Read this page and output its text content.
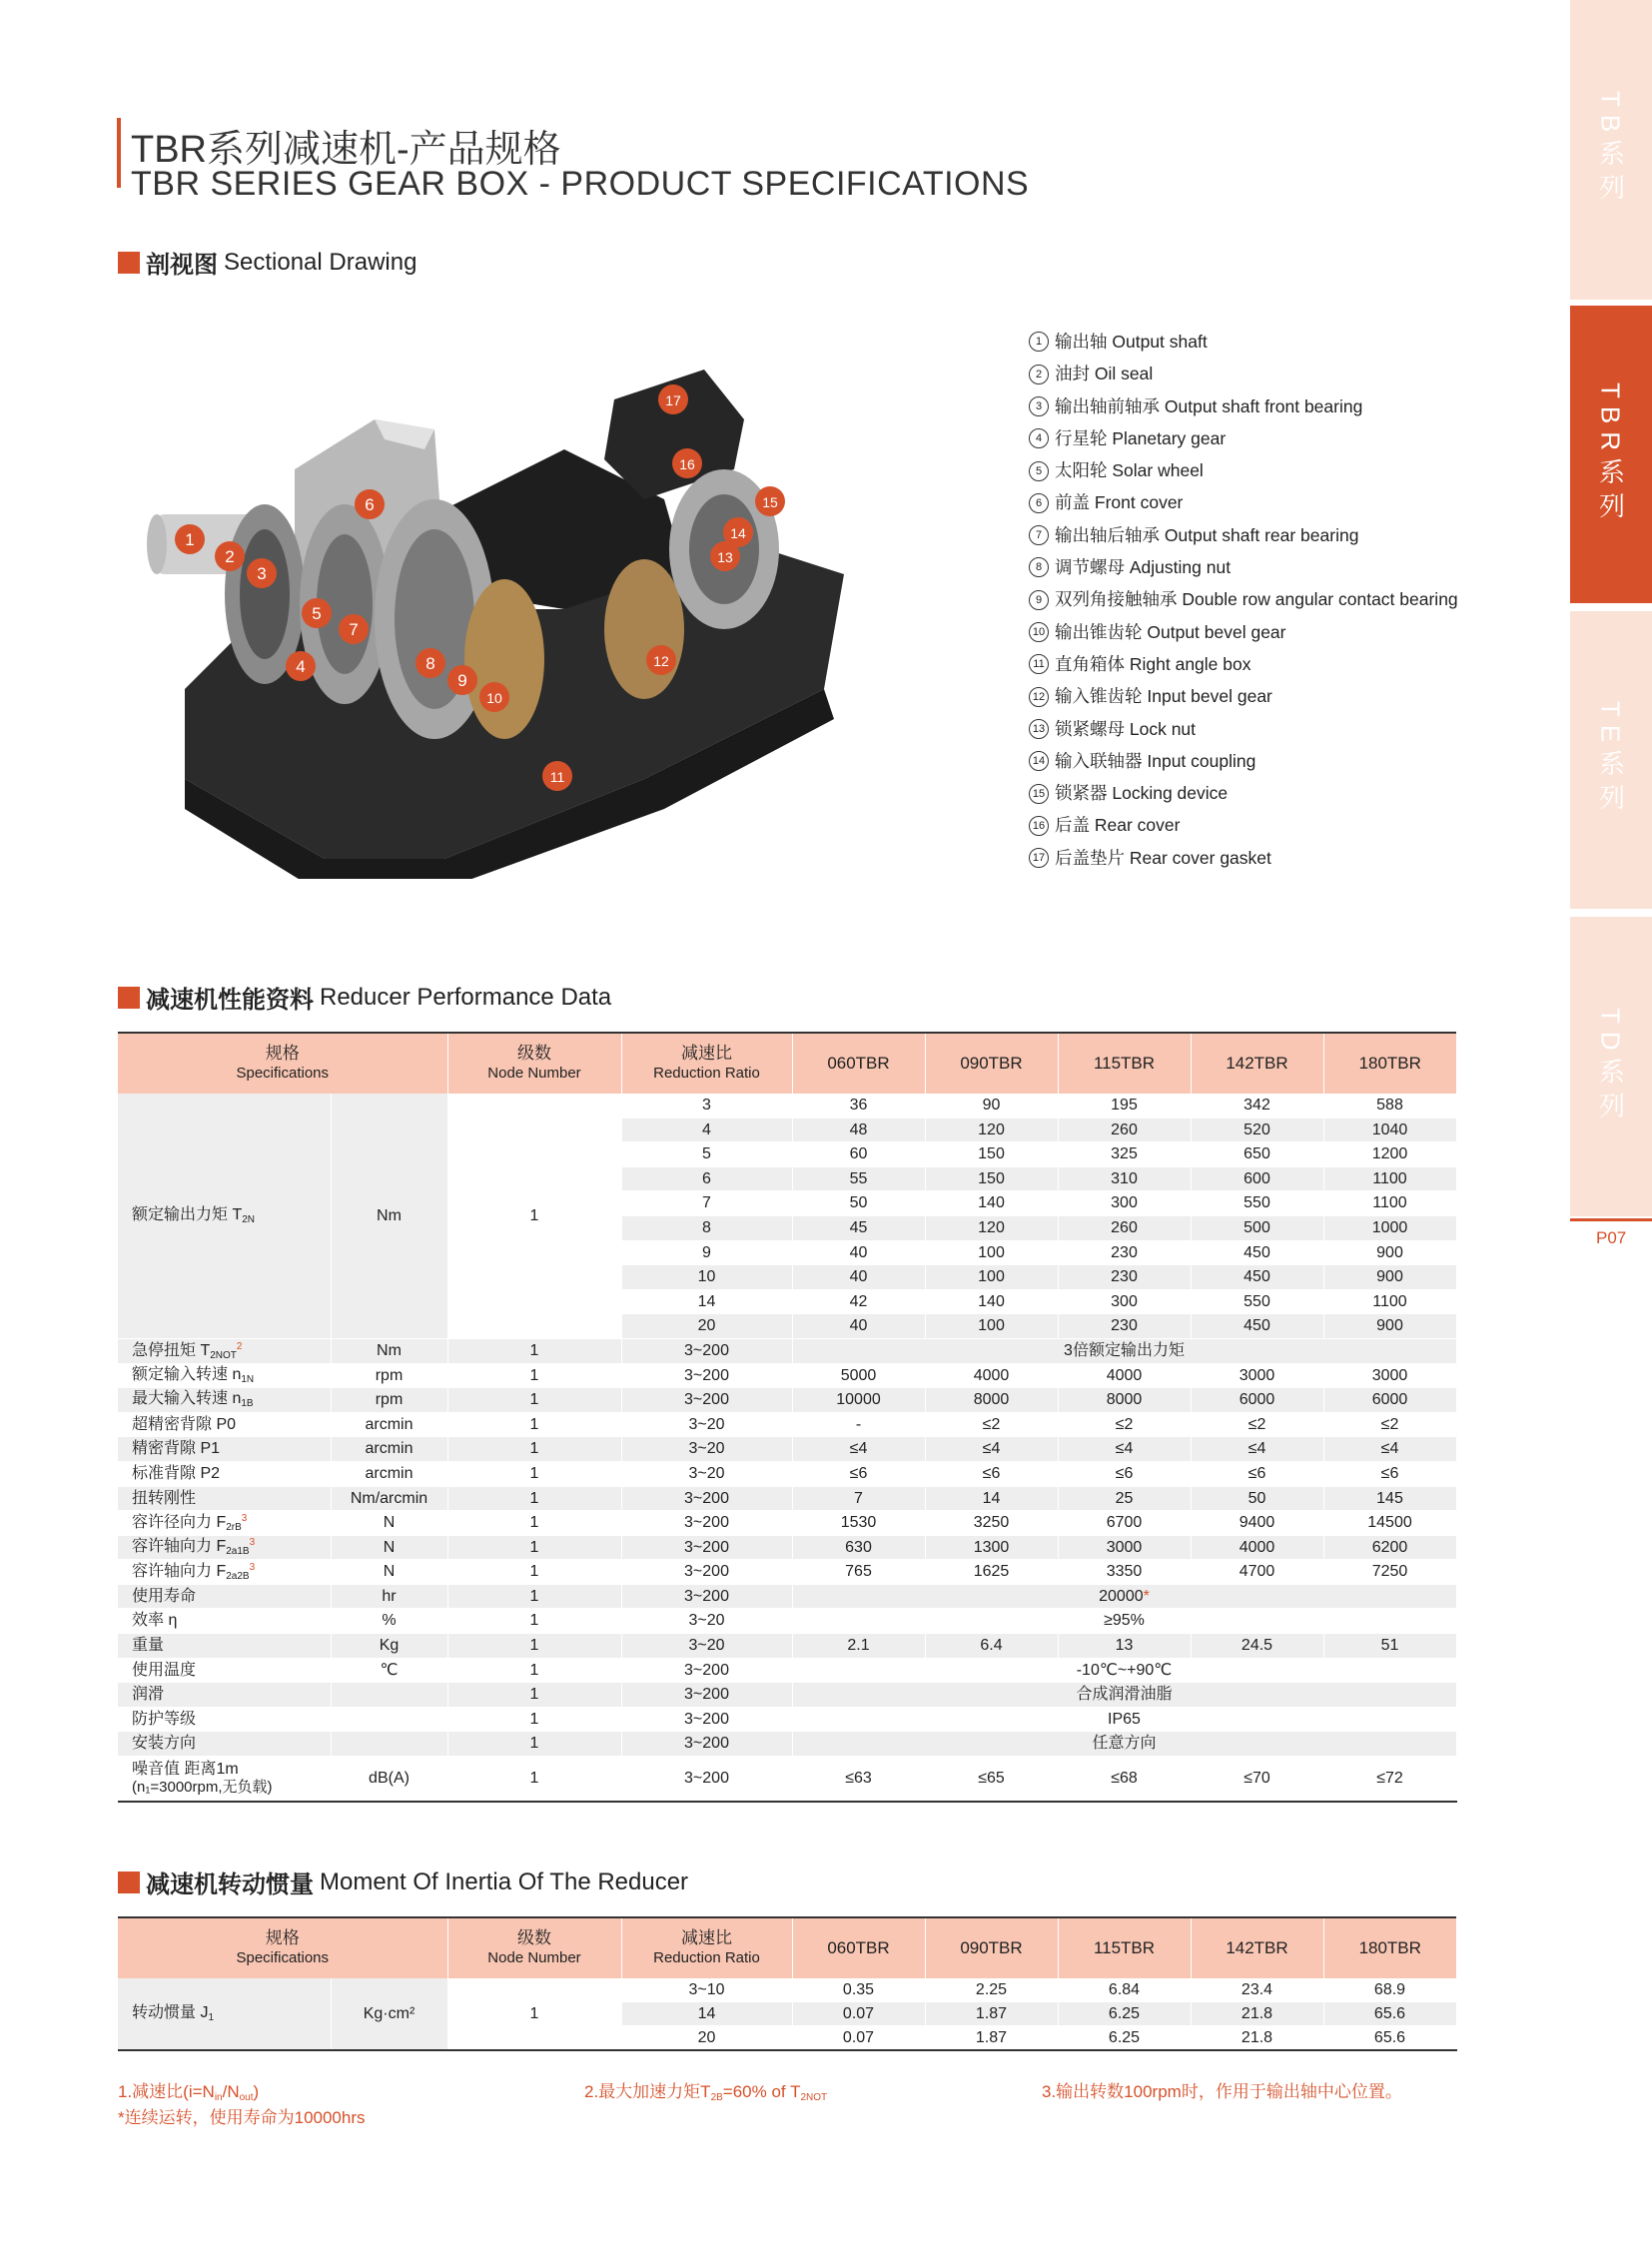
TBR系列减速机-产品规格
TBR SERIES GEAR BOX - PRODUCT SPECIFICATIONS	TB系列
TBR系列
TE系列
TD系列
P07
剖视图 Sectional Drawing
1
2
3
4
5
6
7
8
9
10
11
12
13
14
15
16
17
1 输出轴 Output shaft
2 油封 Oil seal
3 输出轴前轴承 Output shaft front bearing
4 行星轮 Planetary gear
5 太阳轮 Solar wheel
6 前盖 Front cover
7 输出轴后轴承 Output shaft rear bearing
8 调节螺母 Adjusting nut
9 双列角接触轴承 Double row angular contact bearing
10 输出锥齿轮 Output bevel gear
11 直角箱体 Right angle box
12 输入锥齿轮 Input bevel gear
13 锁紧螺母 Lock nut
14 输入联轴器 Input coupling
15 锁紧器 Locking device
16 后盖 Rear cover
17 后盖垫片 Rear cover gasket
减速机性能资料 Reducer Performance Data
规格
Specifications		级数
Node Number	减速比
Reduction Ratio	060TBR	090TBR	115TBR	142TBR	180TBR
额定输出力矩 $T_{2N}$	Nm	1	3	36	90	195	342	588
			4	48	120	260	520	1040
			5	60	150	325	650	1200
			6	55	150	310	600	1100
			7	50	140	300	550	1100
			8	45	120	260	500	1000
			9	40	100	230	450	900
			10	40	100	230	450	900
			14	42	140	300	550	1100
			20	40	100	230	450	900
急停扭矩 $T_{2NOT}^2$	Nm	1	3~200	3倍额定输出力矩				
额定输入转速 $n_{1N}$	rpm	1	3~200	5000	4000	4000	3000	3000
最大输入转速 $n_{1B}$	rpm	1	3~200	10000	8000	8000	6000	6000
超精密背隙 P0	arcmin	1	3~20	-	≤2	≤2	≤2	≤2
精密背隙 P1	arcmin	1	3~20	≤4	≤4	≤4	≤4	≤4
标准背隙 P2	arcmin	1	3~20	≤6	≤6	≤6	≤6	≤6
扭转刚性	Nm/arcmin	1	3~200	7	14	25	50	145
容许径向力 $F_{2rB}^3$	N	1	3~200	1530	3250	6700	9400	14500
容许轴向力 $F_{2a1B}^3$	N	1	3~200	630	1300	3000	4000	6200
容许轴向力 $F_{2a2B}^3$	N	1	3~200	765	1625	3350	4700	7250
使用寿命	hr	1	3~200	20000*				
效率 η	%	1	3~20	≥95%				
重量	Kg	1	3~20	2.1	6.4	13	24.5	51
使用温度	℃	1	3~200	-10℃~+90℃				
润滑		1	3~200	合成润滑油脂				
防护等级		1	3~200	IP65				
安装方向		1	3~200	任意方向				
噪音值 距离1m
(n₁=3000rpm,无负载)	dB(A)	1	3~200	≤63	≤65	≤68	≤70	≤72
减速机转动惯量 Moment Of Inertia Of The Reducer
规格
Specifications		级数
Node Number	减速比
Reduction Ratio	060TBR	090TBR	115TBR	142TBR	180TBR
转动惯量 $J_1$	Kg·cm²	1	3~10	0.35	2.25	6.84	23.4	68.9
			14	0.07	1.87	6.25	21.8	65.6
			20	0.07	1.87	6.25	21.8	65.6
1.减速比$(i=N_{in}/N_{out})$	2.最大加速力矩$T_{2B}=60\%$ of $T_{2NOT}$	3.输出转数100rpm时，作用于输出轴中心位置。
*连续运转，使用寿命为10000hrs
